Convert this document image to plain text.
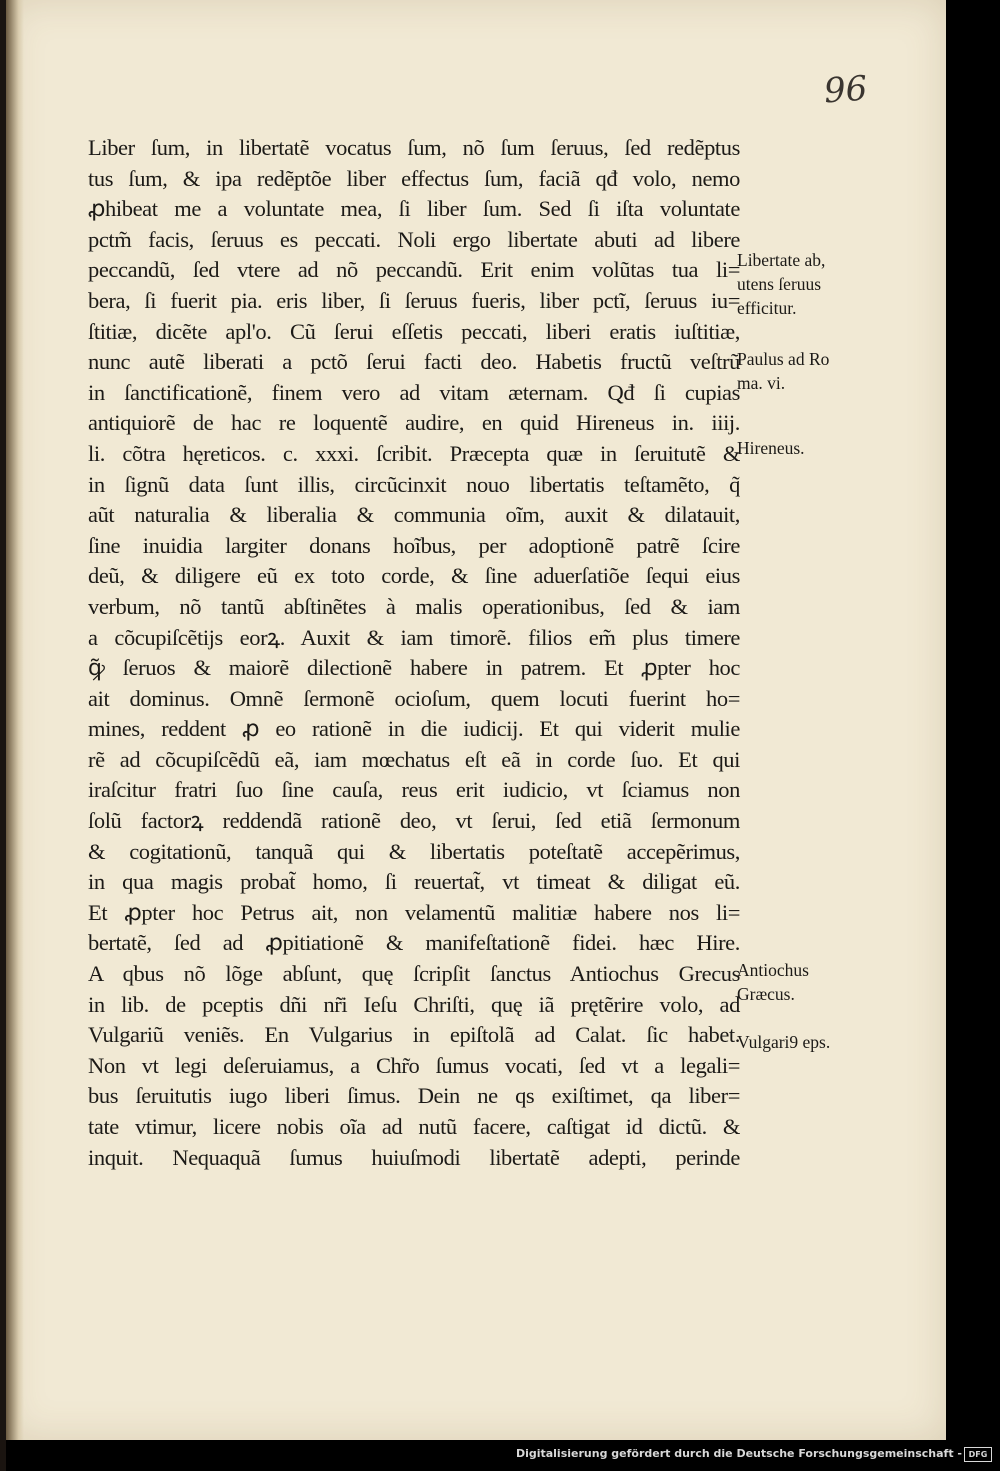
96
Liber ſum, in libertatẽ vocatus ſum, nõ ſum ſeruus, ſed redẽptus
tus ſum, & ipa redẽptõe liber effectus ſum, faciã qđ volo, nemo
ꝓhibeat me a voluntate mea, ſi liber ſum. Sed ſi iſta voluntate
pctm̃ facis, ſeruus es peccati. Noli ergo libertate abuti ad libere
peccandũ, ſed vtere ad nõ peccandũ. Erit enim volũtas tua li=
bera, ſi fuerit pia. eris liber, ſi ſeruus fueris, liber pctĩ, ſeruus iu=
ſtitiæ, dicẽte apl'o. Cũ ſerui eſſetis peccati, liberi eratis iuſtitiæ,
nunc autẽ liberati a pctõ ſerui facti deo. Habetis fructũ veſtrũ
in ſanctificationẽ, finem vero ad vitam æternam. Qđ ſi cupias
antiquiorẽ de hac re loquentẽ audire, en quid Hireneus in. iiij.
li. cõtra hęreticos. c. xxxi. ſcribit. Præcepta quæ in ſeruitutẽ &
in ſignũ data ſunt illis, circũcinxit nouo libertatis teſtamẽto, q̃
aũt naturalia & liberalia & communia oĩm, auxit & dilatauit,
ſine inuidia largiter donans hoĩbus, per adoptionẽ patrẽ ſcire
deũ, & diligere eũ ex toto corde, & ſine aduerſatiõe ſequi eius
verbum, nõ tantũ abſtinẽtes à malis operationibus, ſed & iam
a cõcupiſcẽtijs eorꝝ. Auxit & iam timorẽ. filios em̃ plus timere
ꝙ̃ ſeruos & maiorẽ dilectionẽ habere in patrem. Et ꝓpter hoc
ait dominus. Omnẽ ſermonẽ ocioſum, quem locuti fuerint ho=
mines, reddent ꝓ eo rationẽ in die iudicij. Et qui viderit mulie
rẽ ad cõcupiſcẽdũ eã, iam mœchatus eſt eã in corde ſuo. Et qui
iraſcitur fratri ſuo ſine cauſa, reus erit iudicio, vt ſciamus non
ſolũ factorꝝ reddendã rationẽ deo, vt ſerui, ſed etiã ſermonum
& cogitationũ, tanquã qui & libertatis poteſtatẽ accepẽrimus,
in qua magis probat̃ homo, ſi reuertat̃, vt timeat & diligat eũ.
Et ꝓpter hoc Petrus ait, non velamentũ malitiæ habere nos li=
bertatẽ, ſed ad ꝓpitiationẽ & manifeſtationẽ fidei. hæc Hire.
A qbus nõ lõge abſunt, quę ſcripſit ſanctus Antiochus Grecus
in lib. de pceptis dñi nr̃i Ieſu Chriſti, quę iã prętẽrire volo, ad
Vulgariũ veniẽs. En Vulgarius in epiſtolã ad Calat. ſic habet.
Non vt legi deſeruiamus, a Chr̃o ſumus vocati, ſed vt a legali=
bus ſeruitutis iugo liberi ſimus. Dein ne qs exiſtimet, qa liber=
tate vtimur, licere nobis oĩa ad nutũ facere, caſtigat id dictũ. &
inquit. Nequaquã ſumus huiuſmodi libertatẽ adepti, perinde
Libertate ab,
utens ſeruus
efficitur.
Paulus ad Ro
ma. vi.
Hireneus.
Antiochus
Græcus.
Vulgari9 eps.
Digitalisierung gefördert durch die Deutsche Forschungsgemeinschaft - DFG
